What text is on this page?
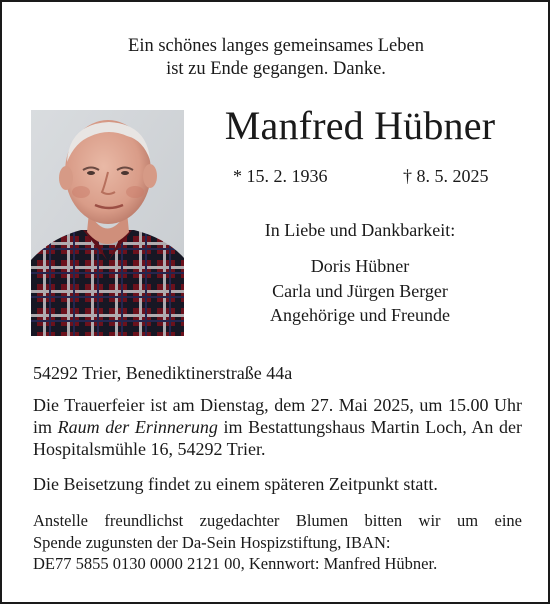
Ein schönes langes gemeinsames Leben
ist zu Ende gegangen. Danke.
Manfred Hübner
* 15. 2. 1936	† 8. 5. 2025
In Liebe und Dankbarkeit:
Doris Hübner
Carla und Jürgen Berger
Angehörige und Freunde
54292 Trier, Benediktinerstraße 44a
Die Trauerfeier ist am Dienstag, dem 27. Mai 2025, um 15.00 Uhr im Raum der Erinnerung im Bestattungshaus Martin Loch, An der Hospitalsmühle 16, 54292 Trier.
Die Beisetzung findet zu einem späteren Zeitpunkt statt.
Anstelle freundlichst zugedachter Blumen bitten wir um eine
Spende zugunsten der Da-Sein Hospizstiftung, IBAN:
DE77 5855 0130 0000 2121 00, Kennwort: Manfred Hübner.
